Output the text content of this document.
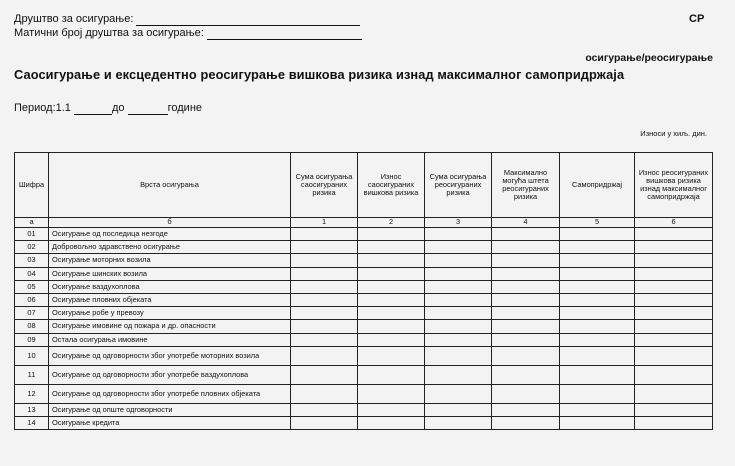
Друштво за осигурање:
Матични број друштва за осигурање:
СР
осигурање/реосигурање
Саосигурање и ексцедентно реосигурање вишкова ризика изнад максималног самопридржаја
Период:1.1	до	године
Износи у хиљ. дин.
Шифра	Врста осигурања	Сума осигурања саосигураних ризика	Износ саосигураних вишкова ризика	Сума осигурања реосигураних ризика	Максимално могућа штета реосигураних ризика	Самопридржај	Износ реосигураних вишкова ризика изнад максималног самопридржаја
а	б	1	2	3	4	5	6
01	Осигурање од последица незгоде						
02	Добровољно здравствено осигурање						
03	Осигурање моторних возила						
04	Осигурање шинских возила						
05	Осигурање ваздухоплова						
06	Осигурање пловних објеката						
07	Осигурање робе у превозу						
08	Осигурање имовине од пожара и др. опасности						
09	Остала осигурања имовине						
10	Осигурање од одговорности због употребе моторних возила						
11	Осигурање од одговорности због употребе ваздухоплова						
12	Осигурање од одговорности због употребе пловних објеката						
13	Осигурање од опште одговорности						
14	Осигурање кредита						
